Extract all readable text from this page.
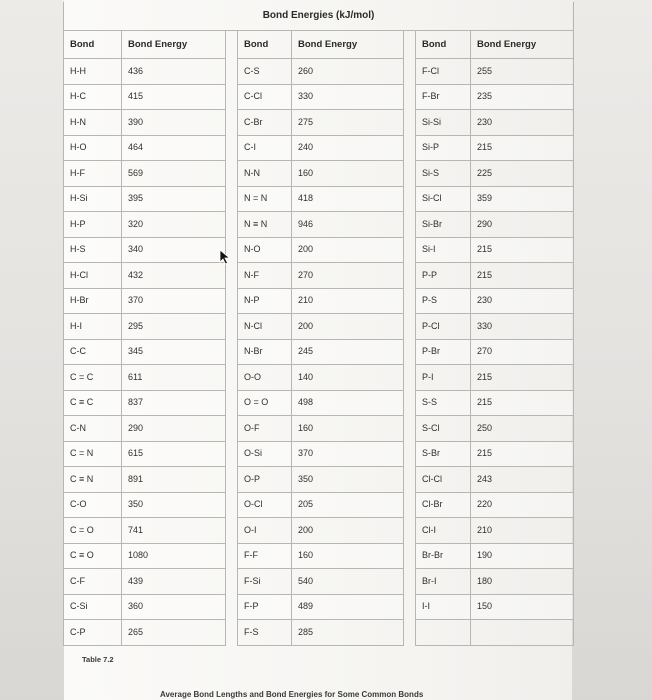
Bond Energies (kJ/mol)							
Bond	Bond Energy		Bond	Bond Energy		Bond	Bond Energy
H-H	436		C-S	260		F-Cl	255
H-C	415		C-Cl	330		F-Br	235
H-N	390		C-Br	275		Si-Si	230
H-O	464		C-I	240		Si-P	215
H-F	569		N-N	160		Si-S	225
H-Si	395		N = N	418		Si-Cl	359
H-P	320		N ≡ N	946		Si-Br	290
H-S	340		N-O	200		Si-I	215
H-Cl	432		N-F	270		P-P	215
H-Br	370		N-P	210		P-S	230
H-I	295		N-Cl	200		P-Cl	330
C-C	345		N-Br	245		P-Br	270
C = C	611		O-O	140		P-I	215
C ≡ C	837		O = O	498		S-S	215
C-N	290		O-F	160		S-Cl	250
C = N	615		O-Si	370		S-Br	215
C ≡ N	891		O-P	350		Cl-Cl	243
C-O	350		O-Cl	205		Cl-Br	220
C = O	741		O-I	200		Cl-I	210
C ≡ O	1080		F-F	160		Br-Br	190
C-F	439		F-Si	540		Br-I	180
C-Si	360		F-P	489		I-I	150
C-P	265		F-S	285			
Table 7.2
Average Bond Lengths and Bond Energies for Some Common Bonds
